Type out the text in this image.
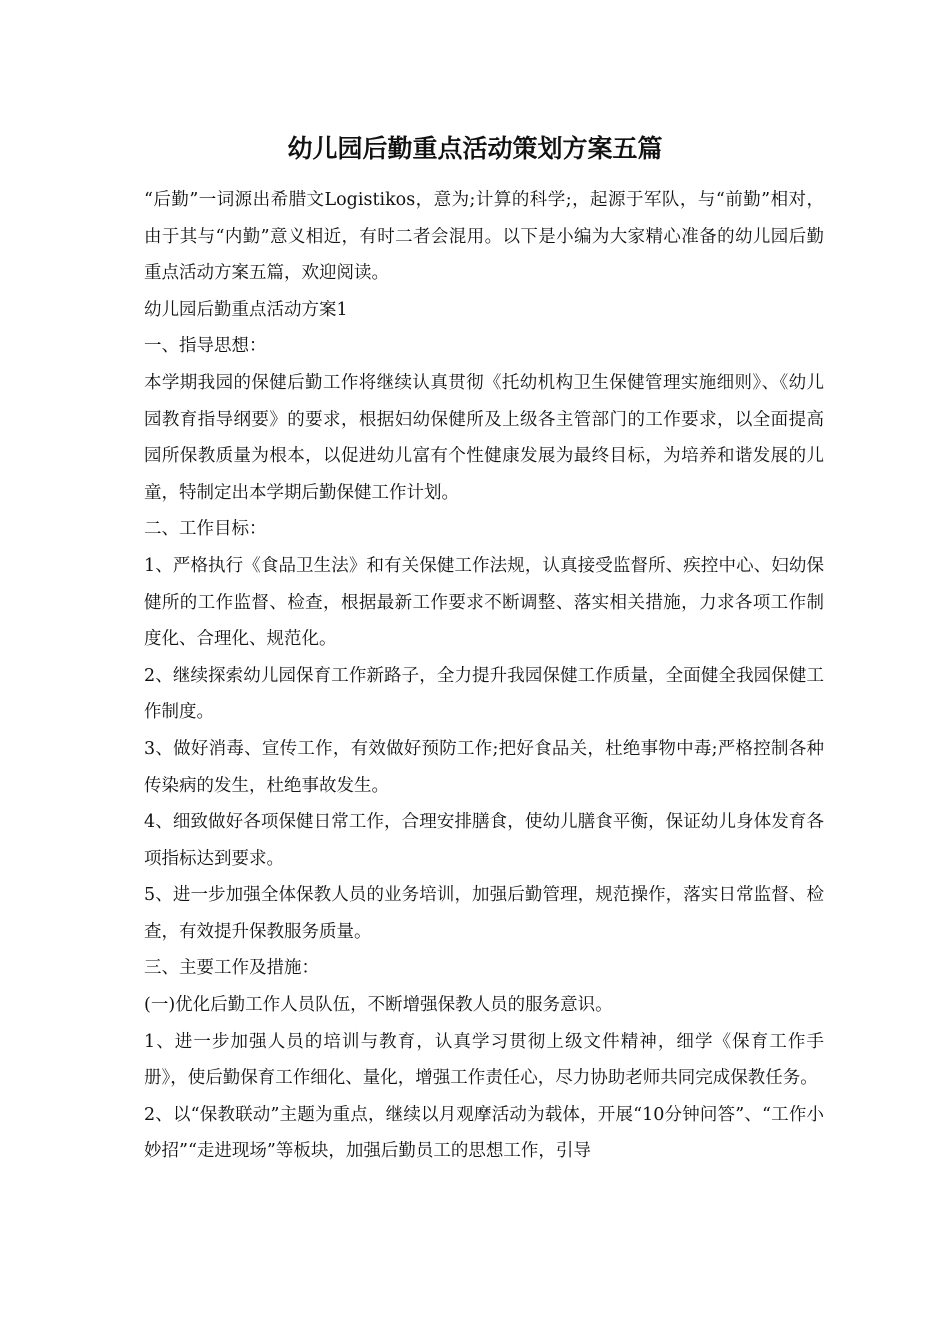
幼儿园后勤重点活动策划方案五篇

“后勤”一词源出希腊文Logistikos，意为;计算的科学;，起源于军队，与“前勤”相对，由于其与“内勤”意义相近，有时二者会混用。以下是小编为大家精心准备的幼儿园后勤重点活动方案五篇，欢迎阅读。

幼儿园后勤重点活动方案1

一、指导思想：

本学期我园的保健后勤工作将继续认真贯彻《托幼机构卫生保健管理实施细则》、《幼儿园教育指导纲要》的要求，根据妇幼保健所及上级各主管部门的工作要求，以全面提高园所保教质量为根本，以促进幼儿富有个性健康发展为最终目标，为培养和谐发展的儿童，特制定出本学期后勤保健工作计划。

二、工作目标：

1、严格执行《食品卫生法》和有关保健工作法规，认真接受监督所、疾控中心、妇幼保健所的工作监督、检查，根据最新工作要求不断调整、落实相关措施，力求各项工作制度化、合理化、规范化。

2、继续探索幼儿园保育工作新路子，全力提升我园保健工作质量，全面健全我园保健工作制度。

3、做好消毒、宣传工作，有效做好预防工作;把好食品关，杜绝事物中毒;严格控制各种传染病的发生，杜绝事故发生。

4、细致做好各项保健日常工作，合理安排膳食，使幼儿膳食平衡，保证幼儿身体发育各项指标达到要求。

5、进一步加强全体保教人员的业务培训，加强后勤管理，规范操作，落实日常监督、检查，有效提升保教服务质量。

三、主要工作及措施：

(一)优化后勤工作人员队伍，不断增强保教人员的服务意识。

1、进一步加强人员的培训与教育，认真学习贯彻上级文件精神，细学《保育工作手册》，使后勤保育工作细化、量化，增强工作责任心，尽力协助老师共同完成保教任务。

2、以“保教联动”主题为重点，继续以月观摩活动为载体，开展“10分钟问答”、“工作小妙招”“走进现场”等板块，加强后勤员工的思想工作，引导
